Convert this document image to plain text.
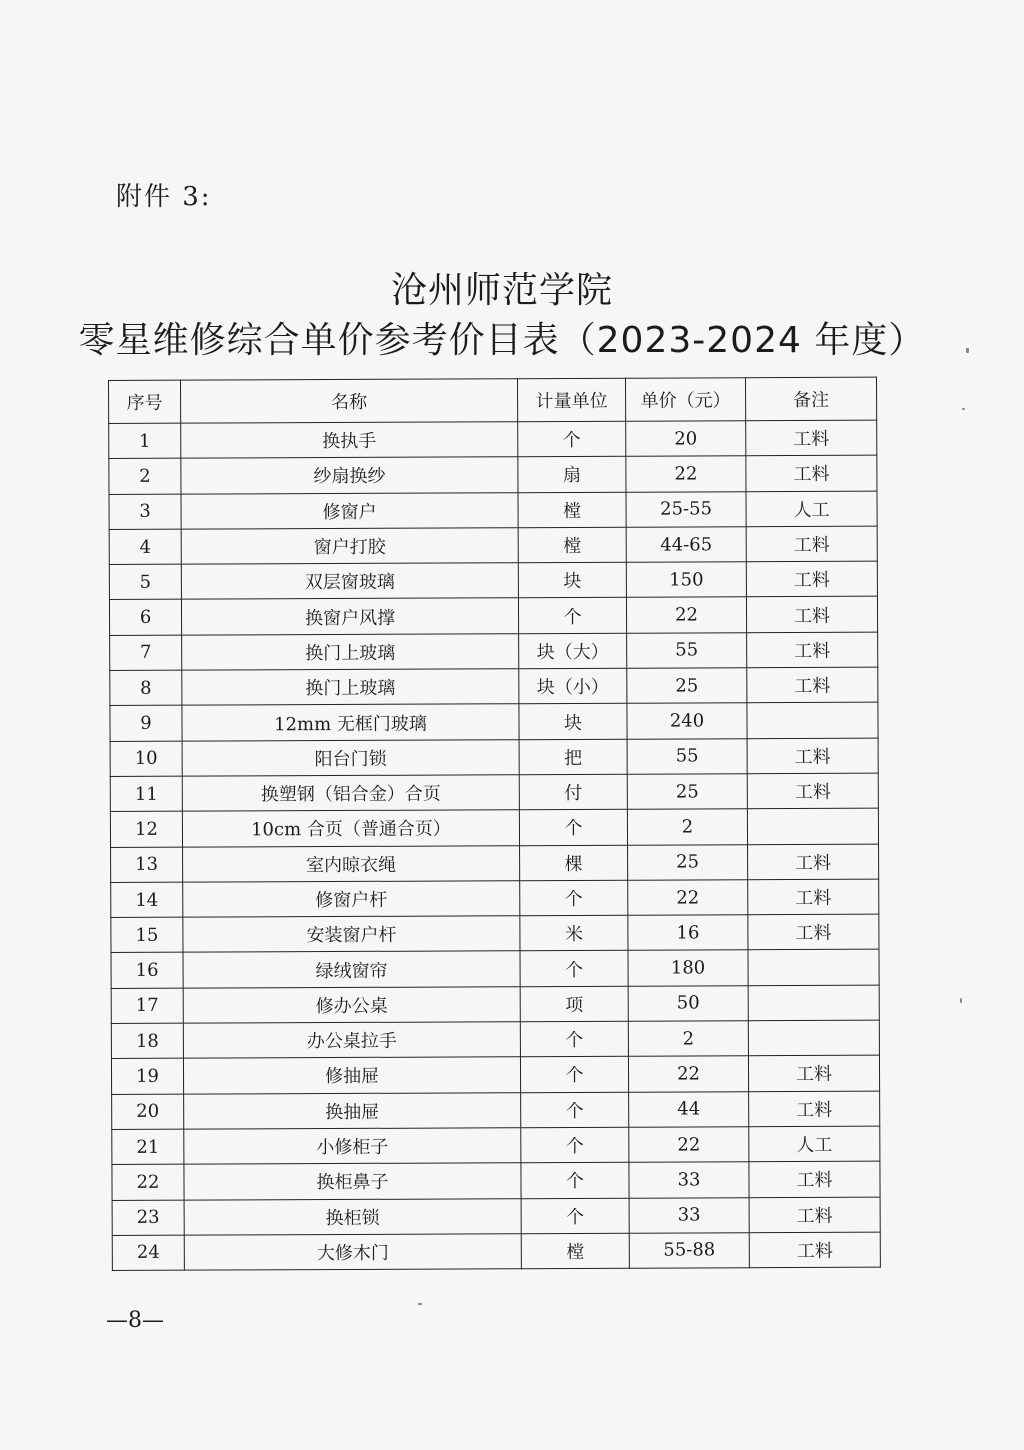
附件 3:
沧州师范学院
零星维修综合单价参考价目表（2023-2024 年度）
序号	名称	计量单位	单价（元）	备注
1	换执手	个	20	工料
2	纱扇换纱	扇	22	工料
3	修窗户	樘	25-55	人工
4	窗户打胶	樘	44-65	工料
5	双层窗玻璃	块	150	工料
6	换窗户风撑	个	22	工料
7	换门上玻璃	块（大）	55	工料
8	换门上玻璃	块（小）	25	工料
9	12mm 无框门玻璃	块	240	
10	阳台门锁	把	55	工料
11	换塑钢（铝合金）合页	付	25	工料
12	10cm 合页（普通合页）	个	2	
13	室内晾衣绳	棵	25	工料
14	修窗户杆	个	22	工料
15	安装窗户杆	米	16	工料
16	绿绒窗帘	个	180	
17	修办公桌	项	50	
18	办公桌拉手	个	2	
19	修抽屉	个	22	工料
20	换抽屉	个	44	工料
21	小修柜子	个	22	人工
22	换柜鼻子	个	33	工料
23	换柜锁	个	33	工料
24	大修木门	樘	55-88	工料
—8—
